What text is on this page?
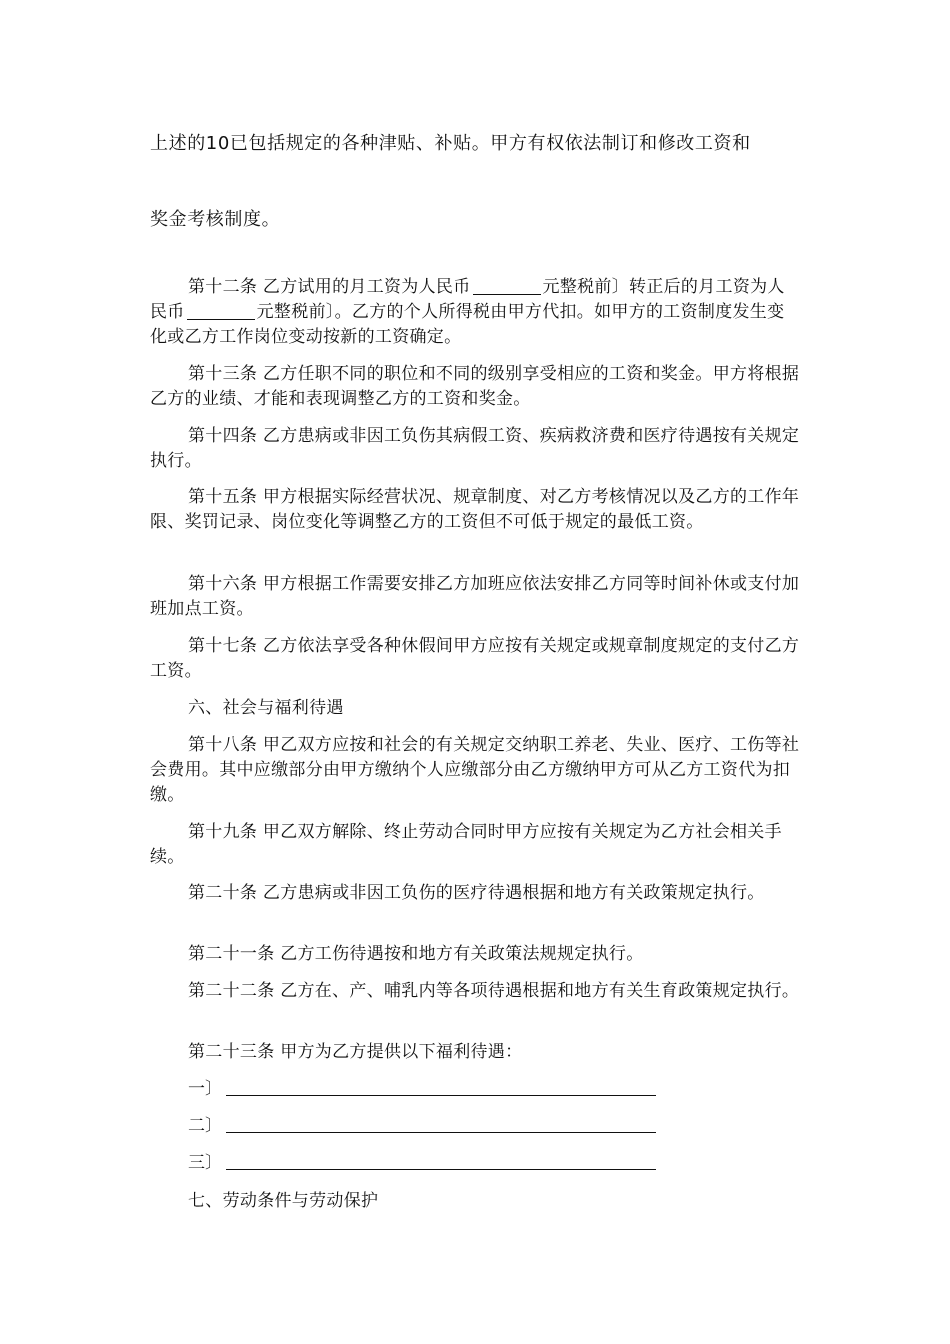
上述的10已包括规定的各种津贴、补贴。甲方有权依法制订和修改工资和
奖金考核制度。
第十二条 乙方试用的月工资为人民币	元整税前〕转正后的月工资为人民币	元整税前〕。乙方的个人所得税由甲方代扣。如甲方的工资制度发生变化或乙方工作岗位变动按新的工资确定。
第十三条 乙方任职不同的职位和不同的级别享受相应的工资和奖金。甲方将根据乙方的业绩、才能和表现调整乙方的工资和奖金。
第十四条 乙方患病或非因工负伤其病假工资、疾病救济费和医疗待遇按有关规定执行。
第十五条 甲方根据实际经营状况、规章制度、对乙方考核情况以及乙方的工作年限、奖罚记录、岗位变化等调整乙方的工资但不可低于规定的最低工资。
第十六条 甲方根据工作需要安排乙方加班应依法安排乙方同等时间补休或支付加班加点工资。
第十七条 乙方依法享受各种休假间甲方应按有关规定或规章制度规定的支付乙方工资。
六、社会与福利待遇
第十八条 甲乙双方应按和社会的有关规定交纳职工养老、失业、医疗、工伤等社会费用。其中应缴部分由甲方缴纳个人应缴部分由乙方缴纳甲方可从乙方工资代为扣缴。
第十九条 甲乙双方解除、终止劳动合同时甲方应按有关规定为乙方社会相关手续。
第二十条 乙方患病或非因工负伤的医疗待遇根据和地方有关政策规定执行。
第二十一条 乙方工伤待遇按和地方有关政策法规规定执行。
第二十二条 乙方在、产、哺乳内等各项待遇根据和地方有关生育政策规定执行。
第二十三条 甲方为乙方提供以下福利待遇：
一〕
二〕
三〕
七、劳动条件与劳动保护
